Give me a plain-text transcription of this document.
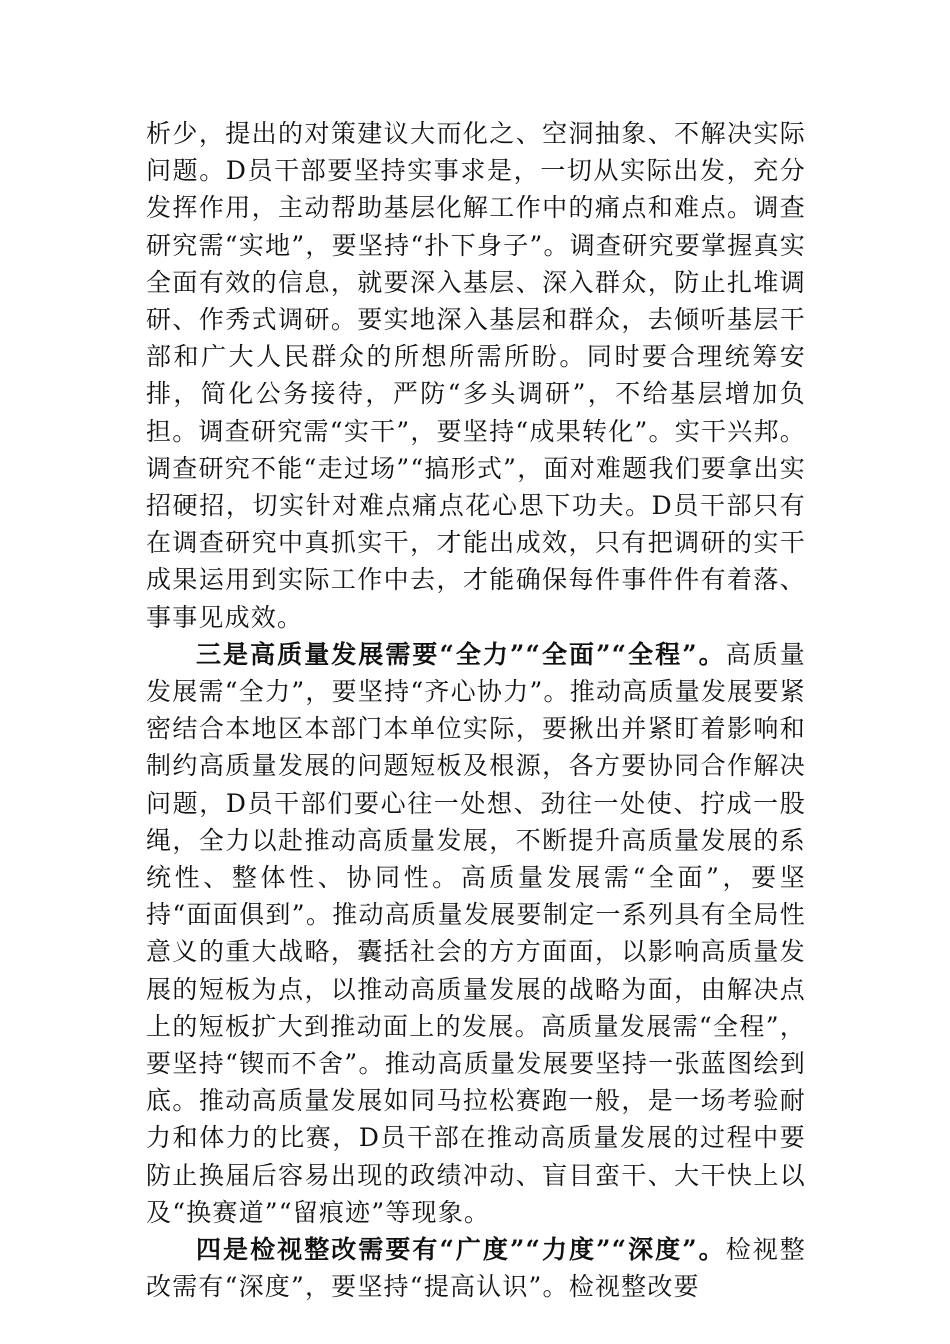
析少，提出的对策建议大而化之、空洞抽象、不解决实际问题。D员干部要坚持实事求是，一切从实际出发，充分发挥作用，主动帮助基层化解工作中的痛点和难点。调查研究需“实地”，要坚持“扑下身子”。调查研究要掌握真实全面有效的信息，就要深入基层、深入群众，防止扎堆调研、作秀式调研。要实地深入基层和群众，去倾听基层干部和广大人民群众的所想所需所盼。同时要合理统筹安排，简化公务接待，严防“多头调研”，不给基层增加负担。调查研究需“实干”，要坚持“成果转化”。实干兴邦。调查研究不能“走过场”“搞形式”，面对难题我们要拿出实招硬招，切实针对难点痛点花心思下功夫。D员干部只有在调查研究中真抓实干，才能出成效，只有把调研的实干成果运用到实际工作中去，才能确保每件事件件有着落、事事见成效。

三是高质量发展需要“全力”“全面”“全程”。高质量发展需“全力”，要坚持“齐心协力”。推动高质量发展要紧密结合本地区本部门本单位实际，要揪出并紧盯着影响和制约高质量发展的问题短板及根源，各方要协同合作解决问题，D员干部们要心往一处想、劲往一处使、拧成一股绳，全力以赴推动高质量发展，不断提升高质量发展的系统性、整体性、协同性。高质量发展需“全面”，要坚持“面面俱到”。推动高质量发展要制定一系列具有全局性意义的重大战略，囊括社会的方方面面，以影响高质量发展的短板为点，以推动高质量发展的战略为面，由解决点上的短板扩大到推动面上的发展。高质量发展需“全程”，要坚持“锲而不舍”。推动高质量发展要坚持一张蓝图绘到底。推动高质量发展如同马拉松赛跑一般，是一场考验耐力和体力的比赛，D员干部在推动高质量发展的过程中要防止换届后容易出现的政绩冲动、盲目蛮干、大干快上以及“换赛道”“留痕迹”等现象。

四是检视整改需要有“广度”“力度”“深度”。检视整改需有“深度”，要坚持“提高认识”。检视整改要
